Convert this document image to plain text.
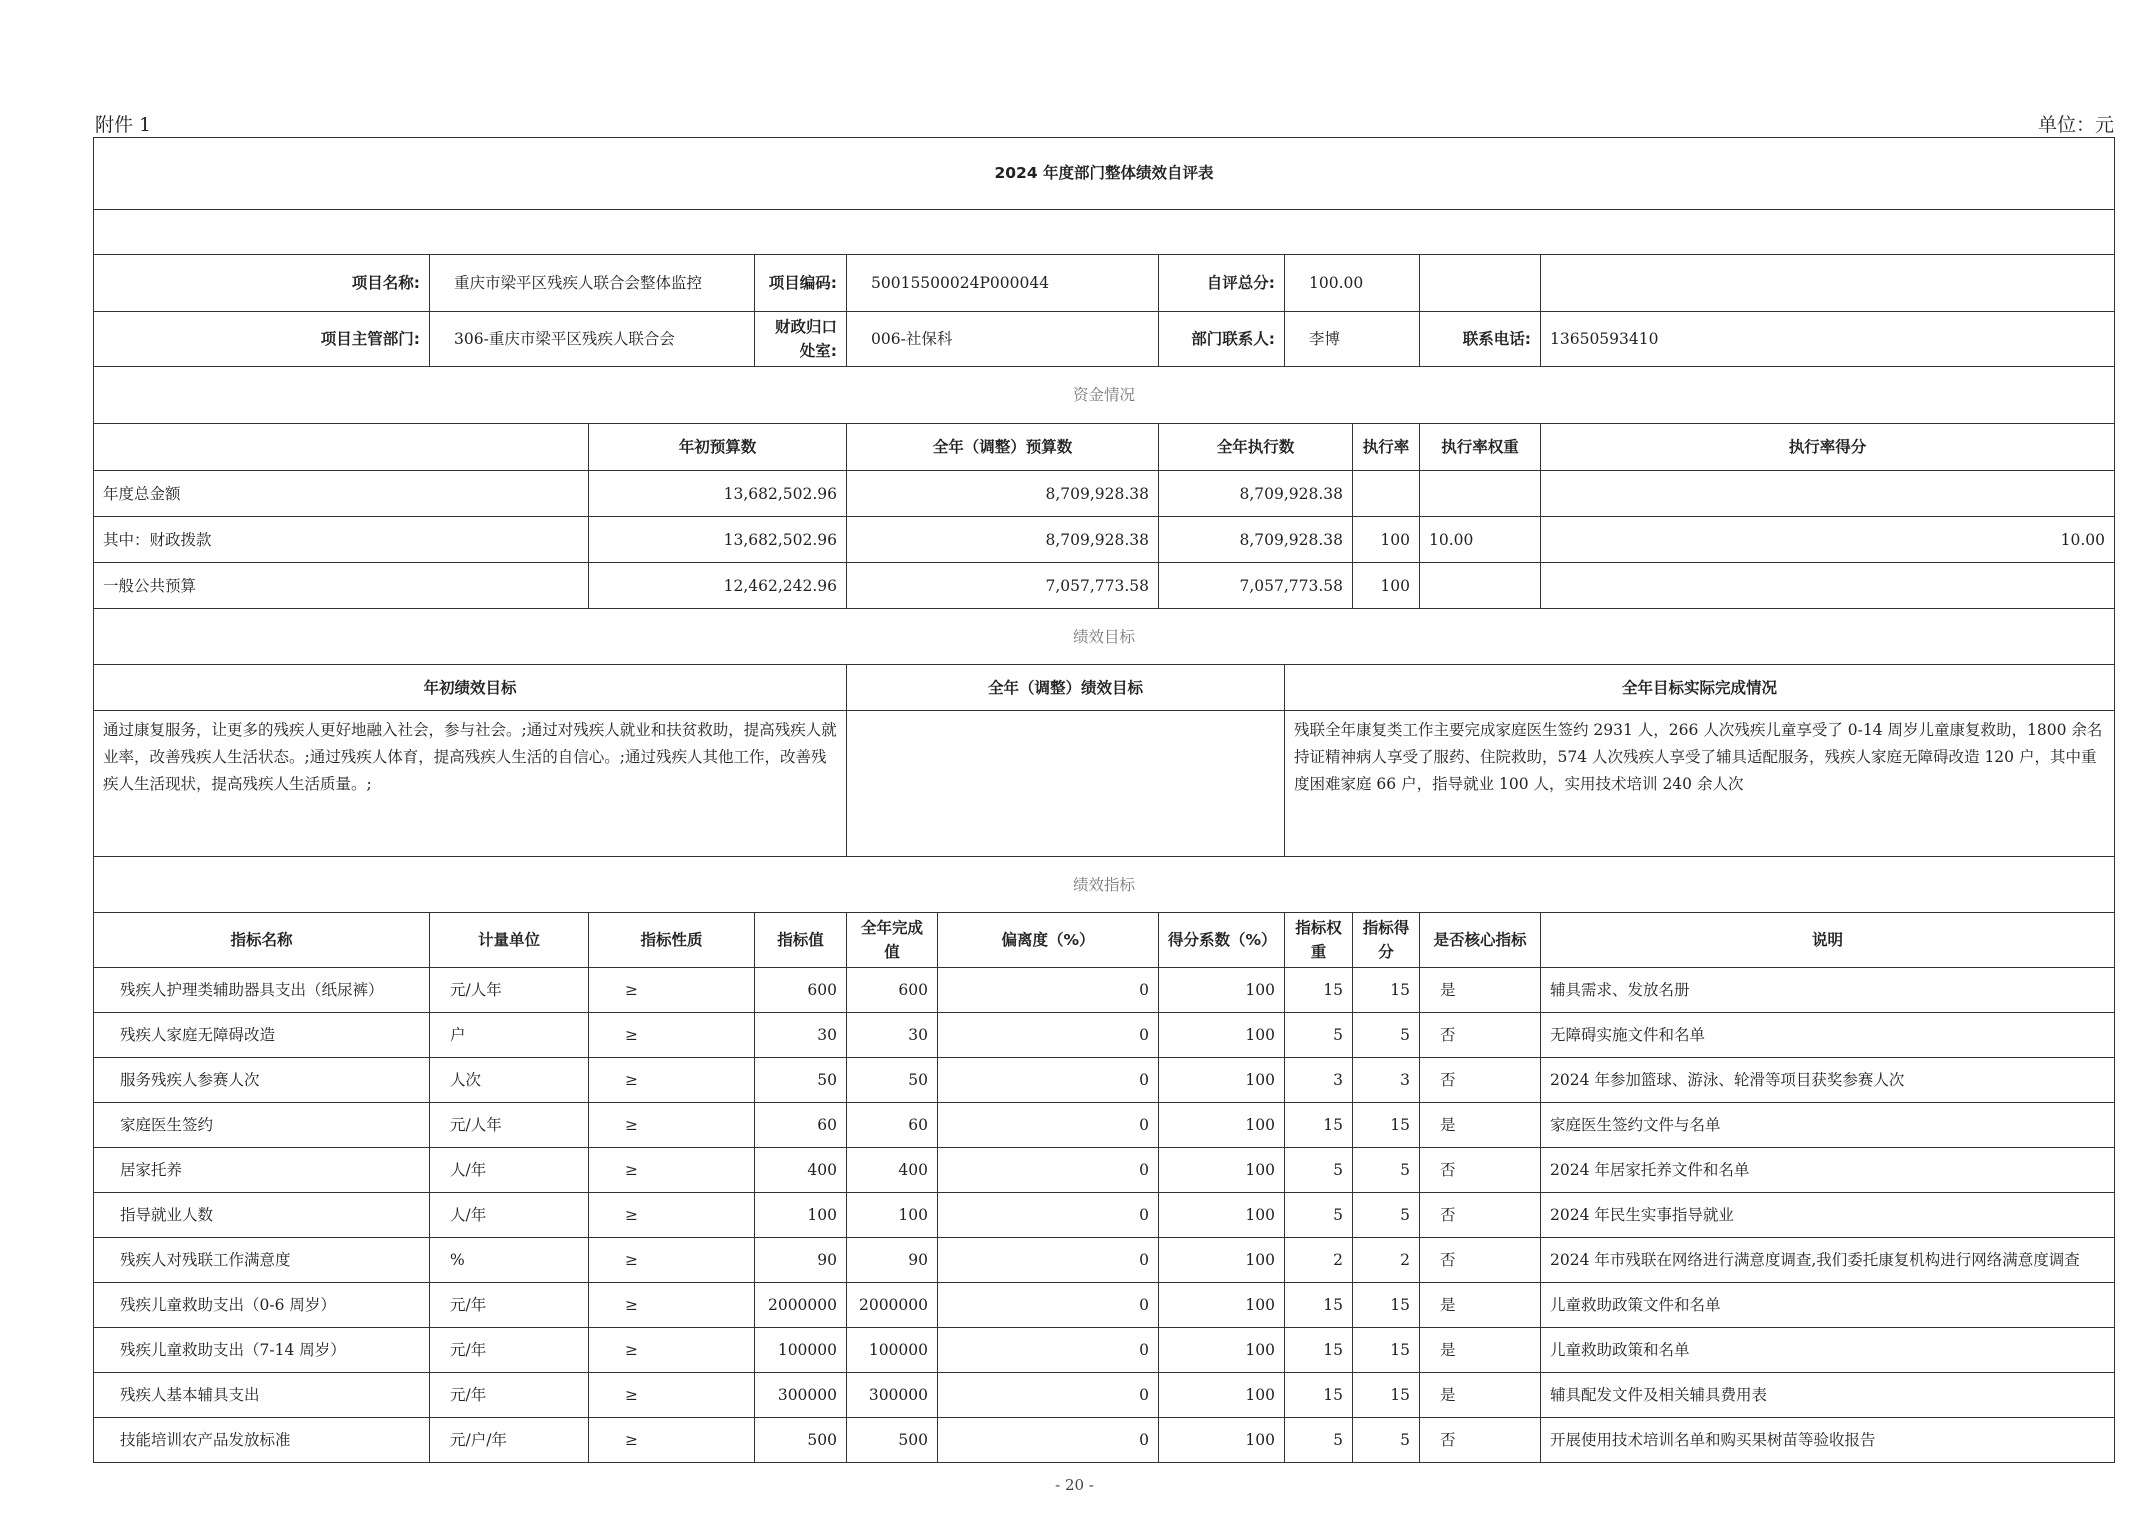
附件 1	单位：元
2024 年度部门整体绩效自评表										

项目名称:	重庆市梁平区残疾人联合会整体监控		项目编码:	50015500024P000044		自评总分:	100.00			
项目主管部门:	306-重庆市梁平区残疾人联合会		财政归口处室:	006-社保科		部门联系人:	李博		联系电话:	13650593410
资金情况										
		年初预算数		全年（调整）预算数		全年执行数		执行率	执行率权重	执行率得分
年度总金额		13,682,502.96		8,709,928.38		8,709,928.38				
其中：财政拨款		13,682,502.96		8,709,928.38		8,709,928.38		100	10.00	10.00
一般公共预算		12,462,242.96		7,057,773.58		7,057,773.58		100		
绩效目标										
年初绩效目标				全年（调整）绩效目标			全年目标实际完成情况			
通过康复服务，让更多的残疾人更好地融入社会，参与社会。;通过对残疾人就业和扶贫救助，提高残疾人就业率，改善残疾人生活状态。;通过残疾人体育，提高残疾人生活的自信心。;通过残疾人其他工作，改善残疾人生活现状，提高残疾人生活质量。;							残联全年康复类工作主要完成家庭医生签约 2931 人，266 人次残疾儿童享受了 0-14 周岁儿童康复救助，1800 余名持证精神病人享受了服药、住院救助，574 人次残疾人享受了辅具适配服务，残疾人家庭无障碍改造 120 户，其中重度困难家庭 66 户，指导就业 100 人，实用技术培训 240 余人次			
绩效指标										
指标名称	计量单位	指标性质	指标值	全年完成值	偏离度（%）	得分系数（%）	指标权重	指标得分	是否核心指标	说明
残疾人护理类辅助器具支出（纸尿裤）	元/人年	≥	600	600	0	100	15	15	是	辅具需求、发放名册
残疾人家庭无障碍改造	户	≥	30	30	0	100	5	5	否	无障碍实施文件和名单
服务残疾人参赛人次	人次	≥	50	50	0	100	3	3	否	2024 年参加篮球、游泳、轮滑等项目获奖参赛人次
家庭医生签约	元/人年	≥	60	60	0	100	15	15	是	家庭医生签约文件与名单
居家托养	人/年	≥	400	400	0	100	5	5	否	2024 年居家托养文件和名单
指导就业人数	人/年	≥	100	100	0	100	5	5	否	2024 年民生实事指导就业
残疾人对残联工作满意度	%	≥	90	90	0	100	2	2	否	2024 年市残联在网络进行满意度调查,我们委托康复机构进行网络满意度调查
残疾儿童救助支出（0-6 周岁）	元/年	≥	2000000	2000000	0	100	15	15	是	儿童救助政策文件和名单
残疾儿童救助支出（7-14 周岁）	元/年	≥	100000	100000	0	100	15	15	是	儿童救助政策和名单
残疾人基本辅具支出	元/年	≥	300000	300000	0	100	15	15	是	辅具配发文件及相关辅具费用表
技能培训农产品发放标准	元/户/年	≥	500	500	0	100	5	5	否	开展使用技术培训名单和购买果树苗等验收报告
- 20 -
